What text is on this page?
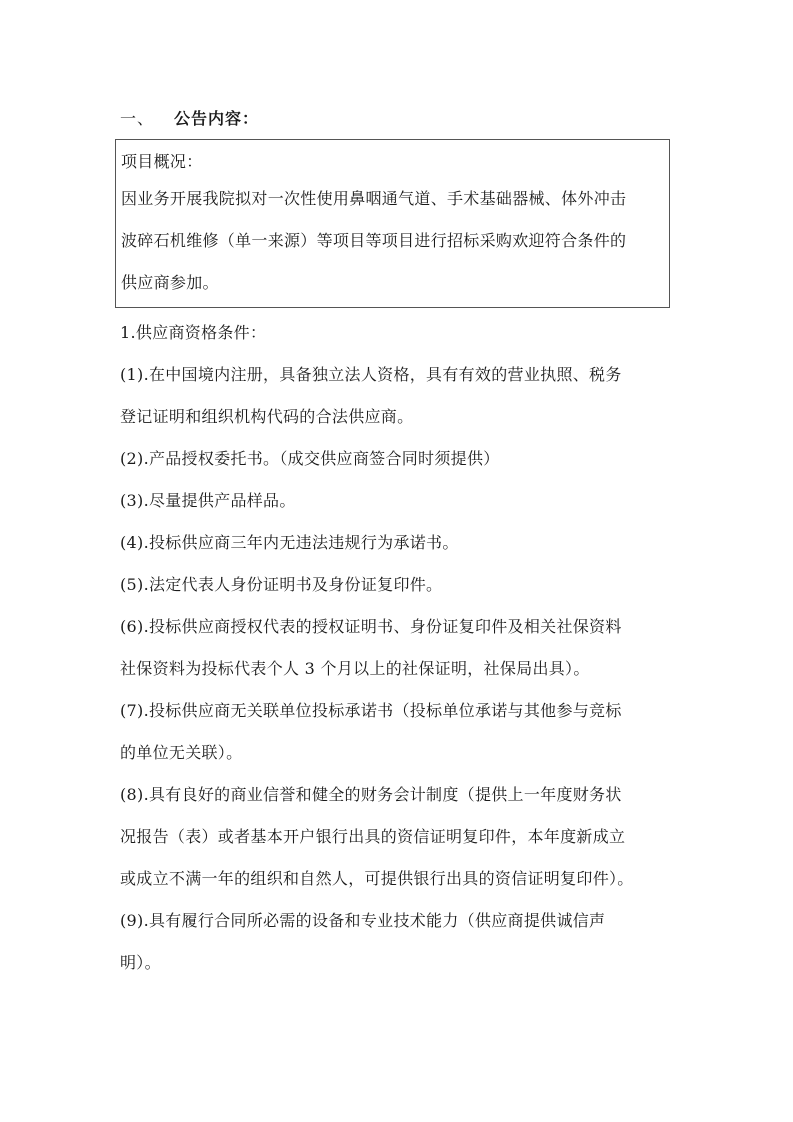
一、 公告内容：
项目概况：
因业务开展我院拟对一次性使用鼻咽通气道、手术基础器械、体外冲击
波碎石机维修（单一来源）等项目等项目进行招标采购欢迎符合条件的
供应商参加。
1.供应商资格条件：
(1).在中国境内注册，具备独立法人资格，具有有效的营业执照、税务
登记证明和组织机构代码的合法供应商。
(2).产品授权委托书。（成交供应商签合同时须提供）
(3).尽量提供产品样品。
(4).投标供应商三年内无违法违规行为承诺书。
(5).法定代表人身份证明书及身份证复印件。
(6).投标供应商授权代表的授权证明书、身份证复印件及相关社保资料
社保资料为投标代表个人 3 个月以上的社保证明，社保局出具）。
(7).投标供应商无关联单位投标承诺书（投标单位承诺与其他参与竞标
的单位无关联）。
(8).具有良好的商业信誉和健全的财务会计制度（提供上一年度财务状
况报告（表）或者基本开户银行出具的资信证明复印件，本年度新成立
或成立不满一年的组织和自然人，可提供银行出具的资信证明复印件）。
(9).具有履行合同所必需的设备和专业技术能力（供应商提供诚信声
明）。
